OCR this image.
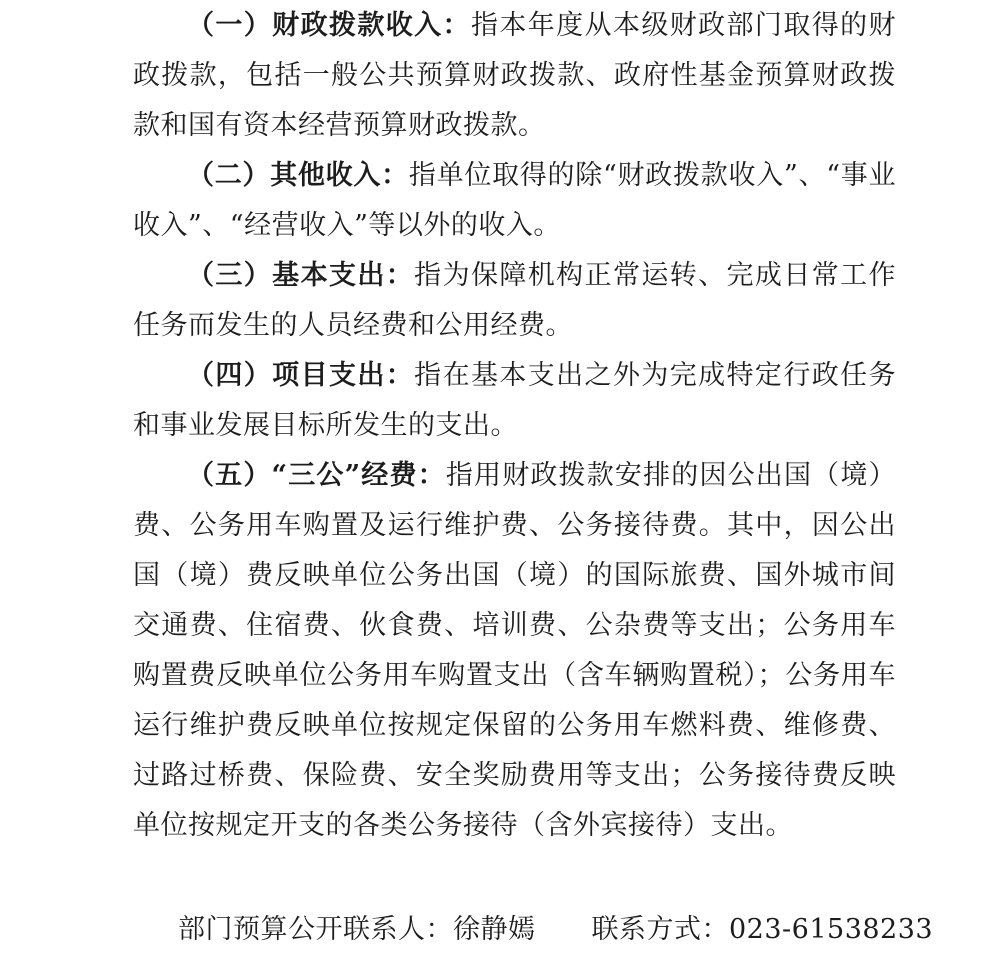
（一）财政拨款收入：指本年度从本级财政部门取得的财政拨款，包括一般公共预算财政拨款、政府性基金预算财政拨款和国有资本经营预算财政拨款。

（二）其他收入：指单位取得的除“财政拨款收入”、“事业收入”、“经营收入”等以外的收入。

（三）基本支出：指为保障机构正常运转、完成日常工作任务而发生的人员经费和公用经费。

（四）项目支出：指在基本支出之外为完成特定行政任务和事业发展目标所发生的支出。

（五）“三公”经费：指用财政拨款安排的因公出国（境）费、公务用车购置及运行维护费、公务接待费。其中，因公出国（境）费反映单位公务出国（境）的国际旅费、国外城市间交通费、住宿费、伙食费、培训费、公杂费等支出；公务用车购置费反映单位公务用车购置支出（含车辆购置税）；公务用车运行维护费反映单位按规定保留的公务用车燃料费、维修费、过路过桥费、保险费、安全奖励费用等支出；公务接待费反映单位按规定开支的各类公务接待（含外宾接待）支出。

部门预算公开联系人：徐静嫣 联系方式：023-61538233
